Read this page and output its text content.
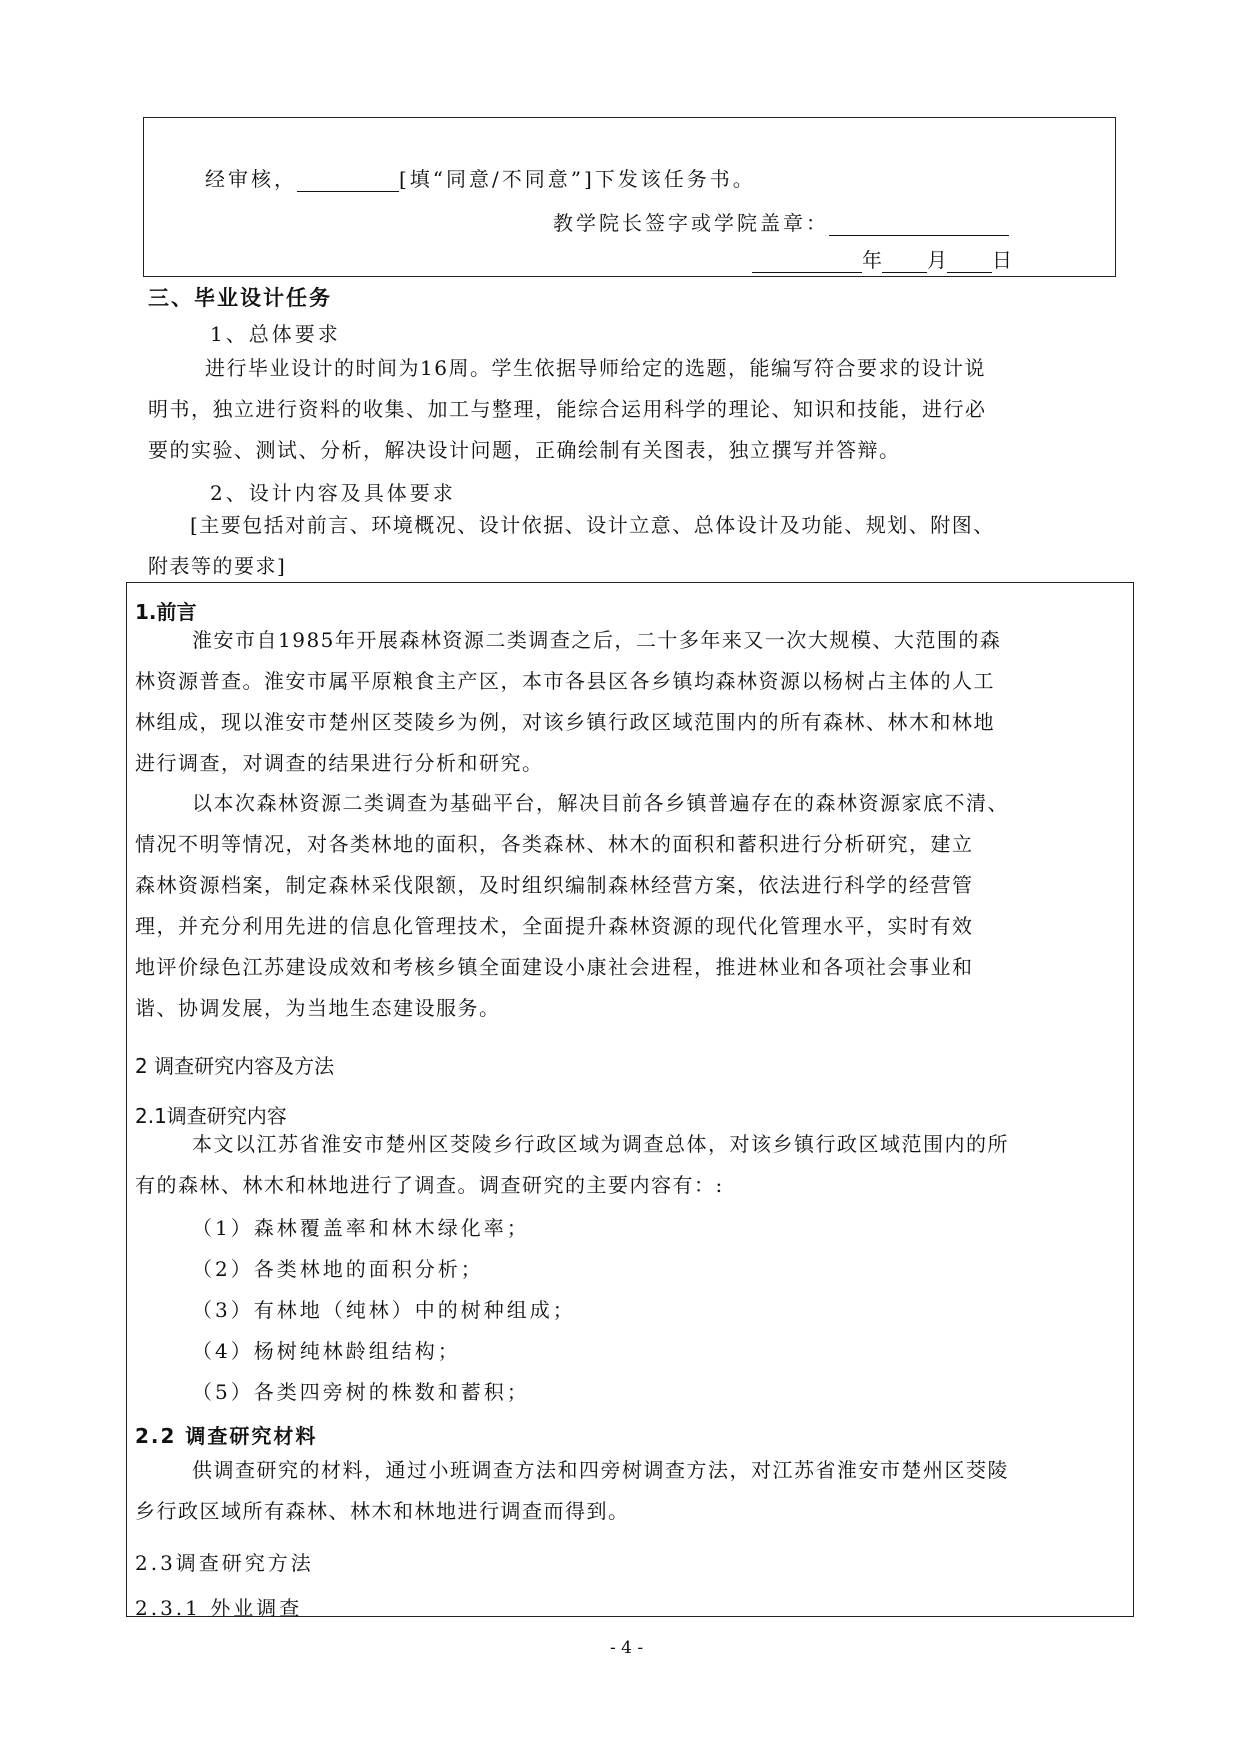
经审核，	[填“同意/不同意”]下发该任务书。
教学院长签字或学院盖章：
年 月 日
三、毕业设计任务
1、总体要求
进行毕业设计的时间为16周。学生依据导师给定的选题，能编写符合要求的设计说
明书，独立进行资料的收集、加工与整理，能综合运用科学的理论、知识和技能，进行必
要的实验、测试、分析，解决设计问题，正确绘制有关图表，独立撰写并答辩。
2、设计内容及具体要求
[主要包括对前言、环境概况、设计依据、设计立意、总体设计及功能、规划、附图、
附表等的要求]
1.前言
淮安市自1985年开展森林资源二类调查之后，二十多年来又一次大规模、大范围的森
林资源普查。淮安市属平原粮食主产区，本市各县区各乡镇均森林资源以杨树占主体的人工
林组成，现以淮安市楚州区茭陵乡为例，对该乡镇行政区域范围内的所有森林、林木和林地
进行调查，对调查的结果进行分析和研究。
以本次森林资源二类调查为基础平台，解决目前各乡镇普遍存在的森林资源家底不清、
情况不明等情况，对各类林地的面积，各类森林、林木的面积和蓄积进行分析研究，建立
森林资源档案，制定森林采伐限额，及时组织编制森林经营方案，依法进行科学的经营管
理，并充分利用先进的信息化管理技术，全面提升森林资源的现代化管理水平，实时有效
地评价绿色江苏建设成效和考核乡镇全面建设小康社会进程，推进林业和各项社会事业和
谐、协调发展，为当地生态建设服务。
2 调查研究内容及方法
2.1调查研究内容
本文以江苏省淮安市楚州区茭陵乡行政区域为调查总体，对该乡镇行政区域范围内的所
有的森林、林木和林地进行了调查。调查研究的主要内容有：:
（1）森林覆盖率和林木绿化率；
（2）各类林地的面积分析；
（3）有林地（纯林）中的树种组成；
（4）杨树纯林龄组结构；
（5）各类四旁树的株数和蓄积；
2.2 调查研究材料
供调查研究的材料，通过小班调查方法和四旁树调查方法，对江苏省淮安市楚州区茭陵
乡行政区域所有森林、林木和林地进行调查而得到。
2.3调查研究方法
2.3.1 外业调查
- 4 -
